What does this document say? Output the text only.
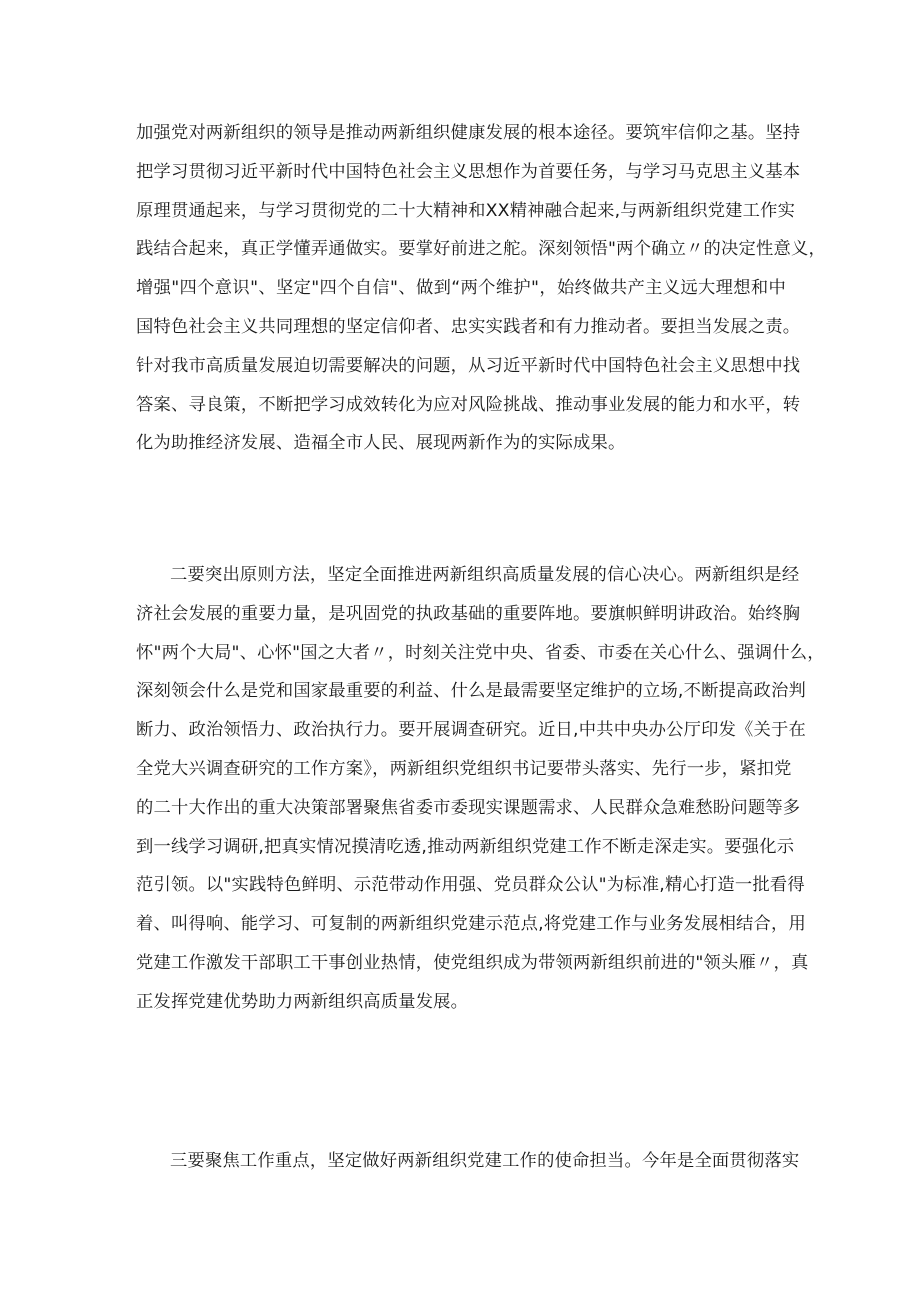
加强党对两新组织的领导是推动两新组织健康发展的根本途径。要筑牢信仰之基。坚持
把学习贯彻习近平新时代中国特色社会主义思想作为首要任务，与学习马克思主义基本
原理贯通起来，与学习贯彻党的二十大精神和XX精神融合起来,与两新组织党建工作实
践结合起来，真正学懂弄通做实。要掌好前进之舵。深刻领悟"两个确立〃的决定性意义，
增强"四个意识"、坚定"四个自信"、做到“两个维护"，始终做共产主义远大理想和中
国特色社会主义共同理想的坚定信仰者、忠实实践者和有力推动者。要担当发展之责。
针对我市高质量发展迫切需要解决的问题，从习近平新时代中国特色社会主义思想中找
答案、寻良策，不断把学习成效转化为应对风险挑战、推动事业发展的能力和水平，转
化为助推经济发展、造福全市人民、展现两新作为的实际成果。
二要突出原则方法，坚定全面推进两新组织高质量发展的信心决心。两新组织是经
济社会发展的重要力量，是巩固党的执政基础的重要阵地。要旗帜鲜明讲政治。始终胸
怀"两个大局"、心怀"国之大者〃，时刻关注党中央、省委、市委在关心什么、强调什么，
深刻领会什么是党和国家最重要的利益、什么是最需要坚定维护的立场,不断提高政治判
断力、政治领悟力、政治执行力。要开展调查研究。近日,中共中央办公厅印发《关于在
全党大兴调查研究的工作方案》，两新组织党组织书记要带头落实、先行一步，紧扣党
的二十大作出的重大决策部署聚焦省委市委现实课题需求、人民群众急难愁盼问题等多
到一线学习调研,把真实情况摸清吃透,推动两新组织党建工作不断走深走实。要强化示
范引领。以"实践特色鲜明、示范带动作用强、党员群众公认"为标准,精心打造一批看得
着、叫得响、能学习、可复制的两新组织党建示范点,将党建工作与业务发展相结合，用
党建工作激发干部职工干事创业热情，使党组织成为带领两新组织前进的"领头雁〃，真
正发挥党建优势助力两新组织高质量发展。
三要聚焦工作重点，坚定做好两新组织党建工作的使命担当。今年是全面贯彻落实
